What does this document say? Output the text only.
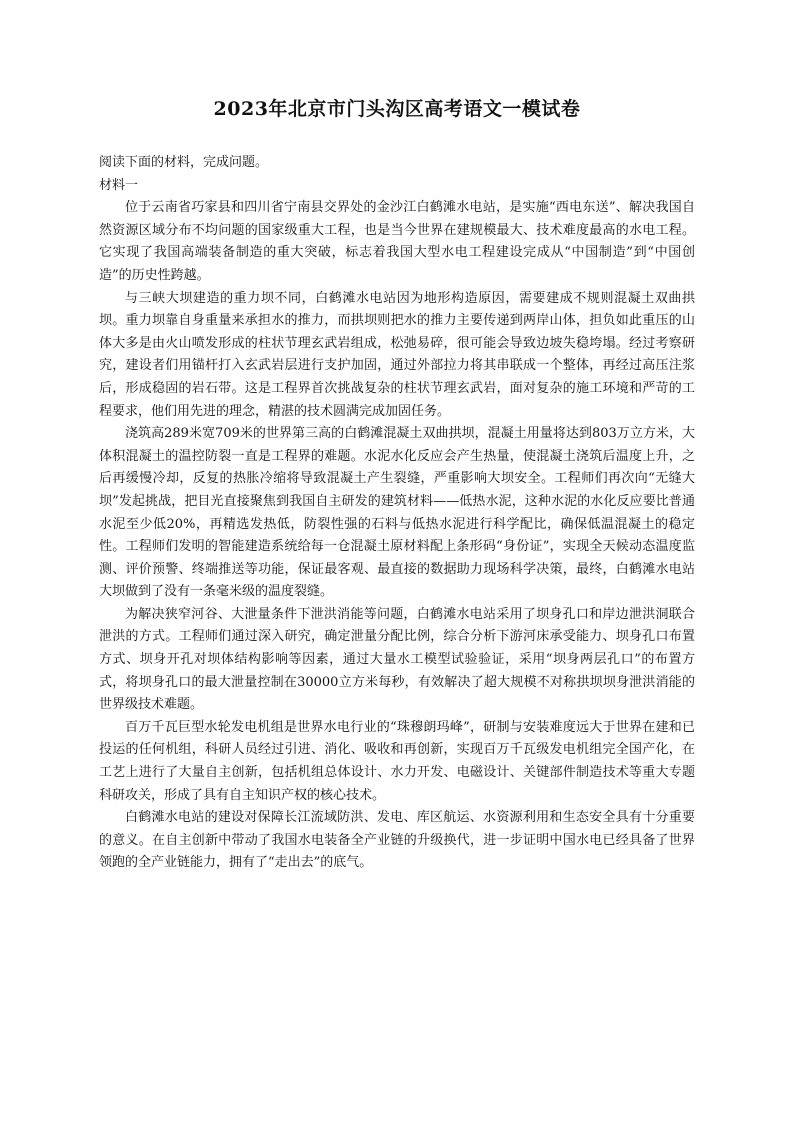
2023年北京市门头沟区高考语文一模试卷

阅读下面的材料，完成问题。

材料一

位于云南省巧家县和四川省宁南县交界处的金沙江白鹤滩水电站，是实施“西电东送”、解决我国自然资源区域分布不均问题的国家级重大工程，也是当今世界在建规模最大、技术难度最高的水电工程。它实现了我国高端装备制造的重大突破，标志着我国大型水电工程建设完成从“中国制造”到“中国创造”的历史性跨越。

与三峡大坝建造的重力坝不同，白鹤滩水电站因为地形构造原因，需要建成不规则混凝土双曲拱坝。重力坝靠自身重量来承担水的推力，而拱坝则把水的推力主要传递到两岸山体，担负如此重压的山体大多是由火山喷发形成的柱状节理玄武岩组成，松弛易碎，很可能会导致边坡失稳垮塌。经过考察研究，建设者们用锚杆打入玄武岩层进行支护加固，通过外部拉力将其串联成一个整体，再经过高压注浆后，形成稳固的岩石带。这是工程界首次挑战复杂的柱状节理玄武岩，面对复杂的施工环境和严苛的工程要求，他们用先进的理念，精湛的技术圆满完成加固任务。

浇筑高289米宽709米的世界第三高的白鹤滩混凝土双曲拱坝，混凝土用量将达到803万立方米，大体积混凝土的温控防裂一直是工程界的难题。水泥水化反应会产生热量，使混凝土浇筑后温度上升，之后再缓慢冷却，反复的热胀冷缩将导致混凝土产生裂缝，严重影响大坝安全。工程师们再次向“无缝大坝”发起挑战，把目光直接聚焦到我国自主研发的建筑材料——低热水泥，这种水泥的水化反应要比普通水泥至少低20%，再精选发热低，防裂性强的石料与低热水泥进行科学配比，确保低温混凝土的稳定性。工程师们发明的智能建造系统给每一仓混凝土原材料配上条形码“身份证”，实现全天候动态温度监测、评价预警、终端推送等功能，保证最客观、最直接的数据助力现场科学决策，最终，白鹤滩水电站大坝做到了没有一条毫米级的温度裂缝。

为解决狭窄河谷、大泄量条件下泄洪消能等问题，白鹤滩水电站采用了坝身孔口和岸边泄洪洞联合泄洪的方式。工程师们通过深入研究，确定泄量分配比例，综合分析下游河床承受能力、坝身孔口布置方式、坝身开孔对坝体结构影响等因素，通过大量水工模型试验验证，采用“坝身两层孔口”的布置方式，将坝身孔口的最大泄量控制在30000立方米每秒，有效解决了超大规模不对称拱坝坝身泄洪消能的世界级技术难题。

百万千瓦巨型水轮发电机组是世界水电行业的“珠穆朗玛峰”，研制与安装难度远大于世界在建和已投运的任何机组，科研人员经过引进、消化、吸收和再创新，实现百万千瓦级发电机组完全国产化，在工艺上进行了大量自主创新，包括机组总体设计、水力开发、电磁设计、关键部件制造技术等重大专题科研攻关，形成了具有自主知识产权的核心技术。

白鹤滩水电站的建设对保障长江流域防洪、发电、库区航运、水资源利用和生态安全具有十分重要的意义。在自主创新中带动了我国水电装备全产业链的升级换代，进一步证明中国水电已经具备了世界领跑的全产业链能力，拥有了“走出去”的底气。
